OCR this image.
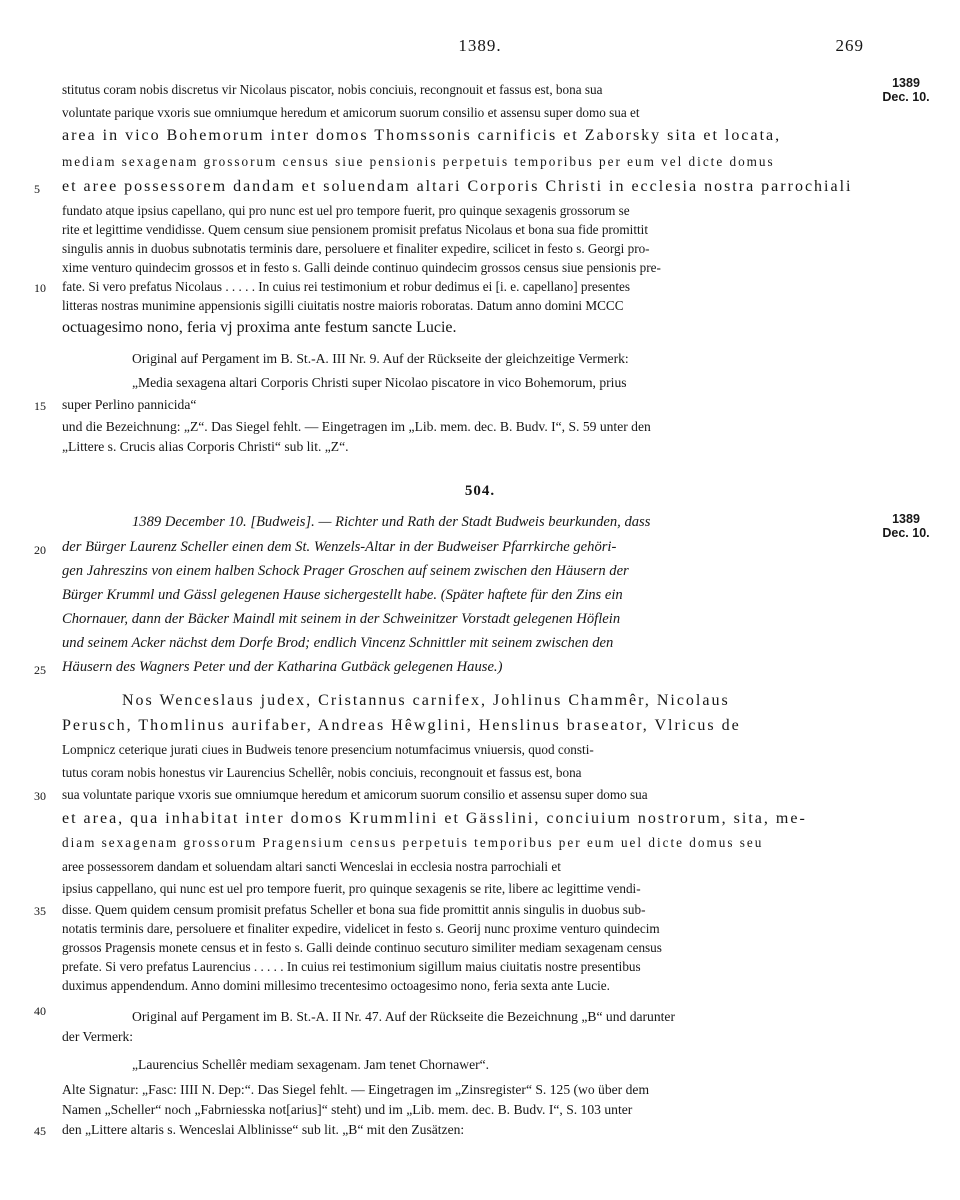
1389.	269
1389
Dec. 10.
1389
Dec. 10.
504.
stitutus coram nobis discretus vir Nicolaus piscator, nobis conciuis, recongnouit et fassus est, bona sua
voluntate parique vxoris sue omniumque heredum et amicorum suorum consilio et assensu super domo sua et
area in vico Bohemorum inter domos Thomssonis carnificis et Zaborsky sita et locata,
mediam sexagenam grossorum census siue pensionis perpetuis temporibus per eum vel dicte domus
5 et aree possessorem dandam et soluendam altari Corporis Christi in ecclesia nostra parrochiali
fundato atque ipsius capellano, qui pro nunc est uel pro tempore fuerit, pro quinque sexagenis grossorum se
rite et legittime vendidisse. Quem censum siue pensionem promisit prefatus Nicolaus et bona sua fide promittit
singulis annis in duobus subnotatis terminis dare, persoluere et finaliter expedire, scilicet in festo s. Georgi pro-
xime venturo quindecim grossos et in festo s. Galli deinde continuo quindecim grossos census siue pensionis pre-
10 fate. Si vero prefatus Nicolaus . . . . . In cuius rei testimonium et robur dedimus ei [i. e. capellano] presentes
litteras nostras munimine appensionis sigilli ciuitatis nostre maioris roboratas. Datum anno domini MCCC
octuagesimo nono, feria vj proxima ante festum sancte Lucie.
Original auf Pergament im B. St.-A. III Nr. 9. Auf der Rückseite der gleichzeitige Vermerk:
„Media sexagena altari Corporis Christi super Nicolao piscatore in vico Bohemorum, prius
15 super Perlino pannicida“
und die Bezeichnung: „Z“. Das Siegel fehlt. — Eingetragen im „Lib. mem. dec. B. Budv. I“, S. 59 unter den
„Littere s. Crucis alias Corporis Christi“ sub lit. „Z“.
1389 December 10. [Budweis]. — Richter und Rath der Stadt Budweis beurkunden, dass
20 der Bürger Laurenz Scheller einen dem St. Wenzels-Altar in der Budweiser Pfarrkirche gehöri-
gen Jahreszins von einem halben Schock Prager Groschen auf seinem zwischen den Häusern der
Bürger Krumml und Gässl gelegenen Hause sichergestellt habe. (Später haftete für den Zins ein
Chornauer, dann der Bäcker Maindl mit seinem in der Schweinitzer Vorstadt gelegenen Höflein
und seinem Acker nächst dem Dorfe Brod; endlich Vincenz Schnittler mit seinem zwischen den
25 Häusern des Wagners Peter und der Katharina Gutbäck gelegenen Hause.)
Nos Wenceslaus judex, Cristannus carnifex, Johlinus Chammêr, Nicolaus
Perusch, Thomlinus aurifaber, Andreas Hêwglini, Henslinus braseator, Vlricus de
Lompnicz ceterique jurati ciues in Budweis tenore presencium notumfacimus vniuersis, quod consti-
tutus coram nobis honestus vir Laurencius Schellêr, nobis conciuis, recongnouit et fassus est, bona
30 sua voluntate parique vxoris sue omniumque heredum et amicorum suorum consilio et assensu super domo sua
et area, qua inhabitat inter domos Krummlini et Gässlini, conciuium nostrorum, sita, me-
diam sexagenam grossorum Pragensium census perpetuis temporibus per eum uel dicte domus seu
aree possessorem dandam et soluendam altari sancti Wenceslai in ecclesia nostra parrochiali et
ipsius cappellano, qui nunc est uel pro tempore fuerit, pro quinque sexagenis se rite, libere ac legittime vendi-
35 disse. Quem quidem censum promisit prefatus Scheller et bona sua fide promittit annis singulis in duobus sub-
notatis terminis dare, persoluere et finaliter expedire, videlicet in festo s. Georij nunc proxime venturo quindecim
grossos Pragensis monete census et in festo s. Galli deinde continuo secuturo similiter mediam sexagenam census
prefate. Si vero prefatus Laurencius . . . . . In cuius rei testimonium sigillum maius ciuitatis nostre presentibus
duximus appendendum. Anno domini millesimo trecentesimo octoagesimo nono, feria sexta ante Lucie.
40	Original auf Pergament im B. St.-A. II Nr. 47. Auf der Rückseite die Bezeichnung „B“ und darunter
der Vermerk:
„Laurencius Schellêr mediam sexagenam. Jam tenet Chornawer“.
Alte Signatur: „Fasc: IIII N. Dep:“. Das Siegel fehlt. — Eingetragen im „Zinsregister“ S. 125 (wo über dem
Namen „Scheller“ noch „Fabrniesska not[arius]“ steht) und im „Lib. mem. dec. B. Budv. I“, S. 103 unter
45 den „Littere altaris s. Wenceslai Alblinisse“ sub lit. „B“ mit den Zusätzen:
